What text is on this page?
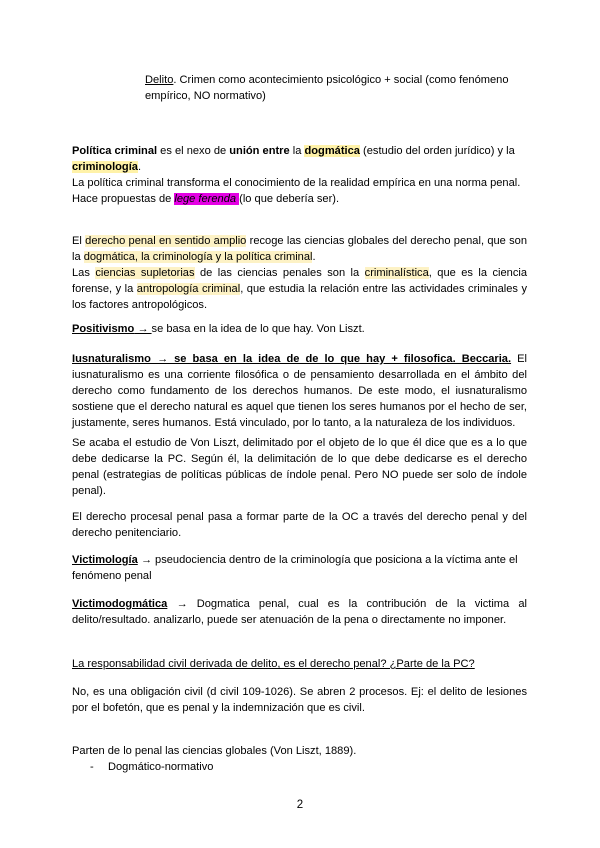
Delito. Crimen como acontecimiento psicológico + social (como fenómeno empírico, NO normativo)
Política criminal es el nexo de unión entre la dogmática (estudio del orden jurídico) y la criminología.
La política criminal transforma el conocimiento de la realidad empírica en una norma penal.
Hace propuestas de lege ferenda (lo que debería ser).
El derecho penal en sentido amplio recoge las ciencias globales del derecho penal, que son la dogmática, la criminología y la política criminal.
Las ciencias supletorias de las ciencias penales son la criminalística, que es la ciencia forense, y la antropología criminal, que estudia la relación entre las actividades criminales y los factores antropológicos.
Positivismo → se basa en la idea de lo que hay. Von Liszt.
Iusnaturalismo → se basa en la idea de de lo que hay + filosofica. Beccaria. El iusnaturalismo es una corriente filosófica o de pensamiento desarrollada en el ámbito del derecho como fundamento de los derechos humanos. De este modo, el iusnaturalismo sostiene que el derecho natural es aquel que tienen los seres humanos por el hecho de ser, justamente, seres humanos. Está vinculado, por lo tanto, a la naturaleza de los individuos.
Se acaba el estudio de Von Liszt, delimitado por el objeto de lo que él dice que es a lo que debe dedicarse la PC. Según él, la delimitación de lo que debe dedicarse es el derecho penal (estrategias de políticas públicas de índole penal. Pero NO puede ser solo de índole penal).
El derecho procesal penal pasa a formar parte de la OC a través del derecho penal y del derecho penitenciario.
Victimología → pseudociencia dentro de la criminología que posiciona a la víctima ante el fenómeno penal
Victimodogmática → Dogmatica penal, cual es la contribución de la victima al delito/resultado. analizarlo, puede ser atenuación de la pena o directamente no imponer.
La responsabilidad civil derivada de delito, es el derecho penal? ¿Parte de la PC?
No, es una obligación civil (d civil 109-1026). Se abren 2 procesos. Ej: el delito de lesiones por el bofetón, que es penal y la indemnización que es civil.
Parten de lo penal las ciencias globales (Von Liszt, 1889).
- Dogmático-normativo
2
